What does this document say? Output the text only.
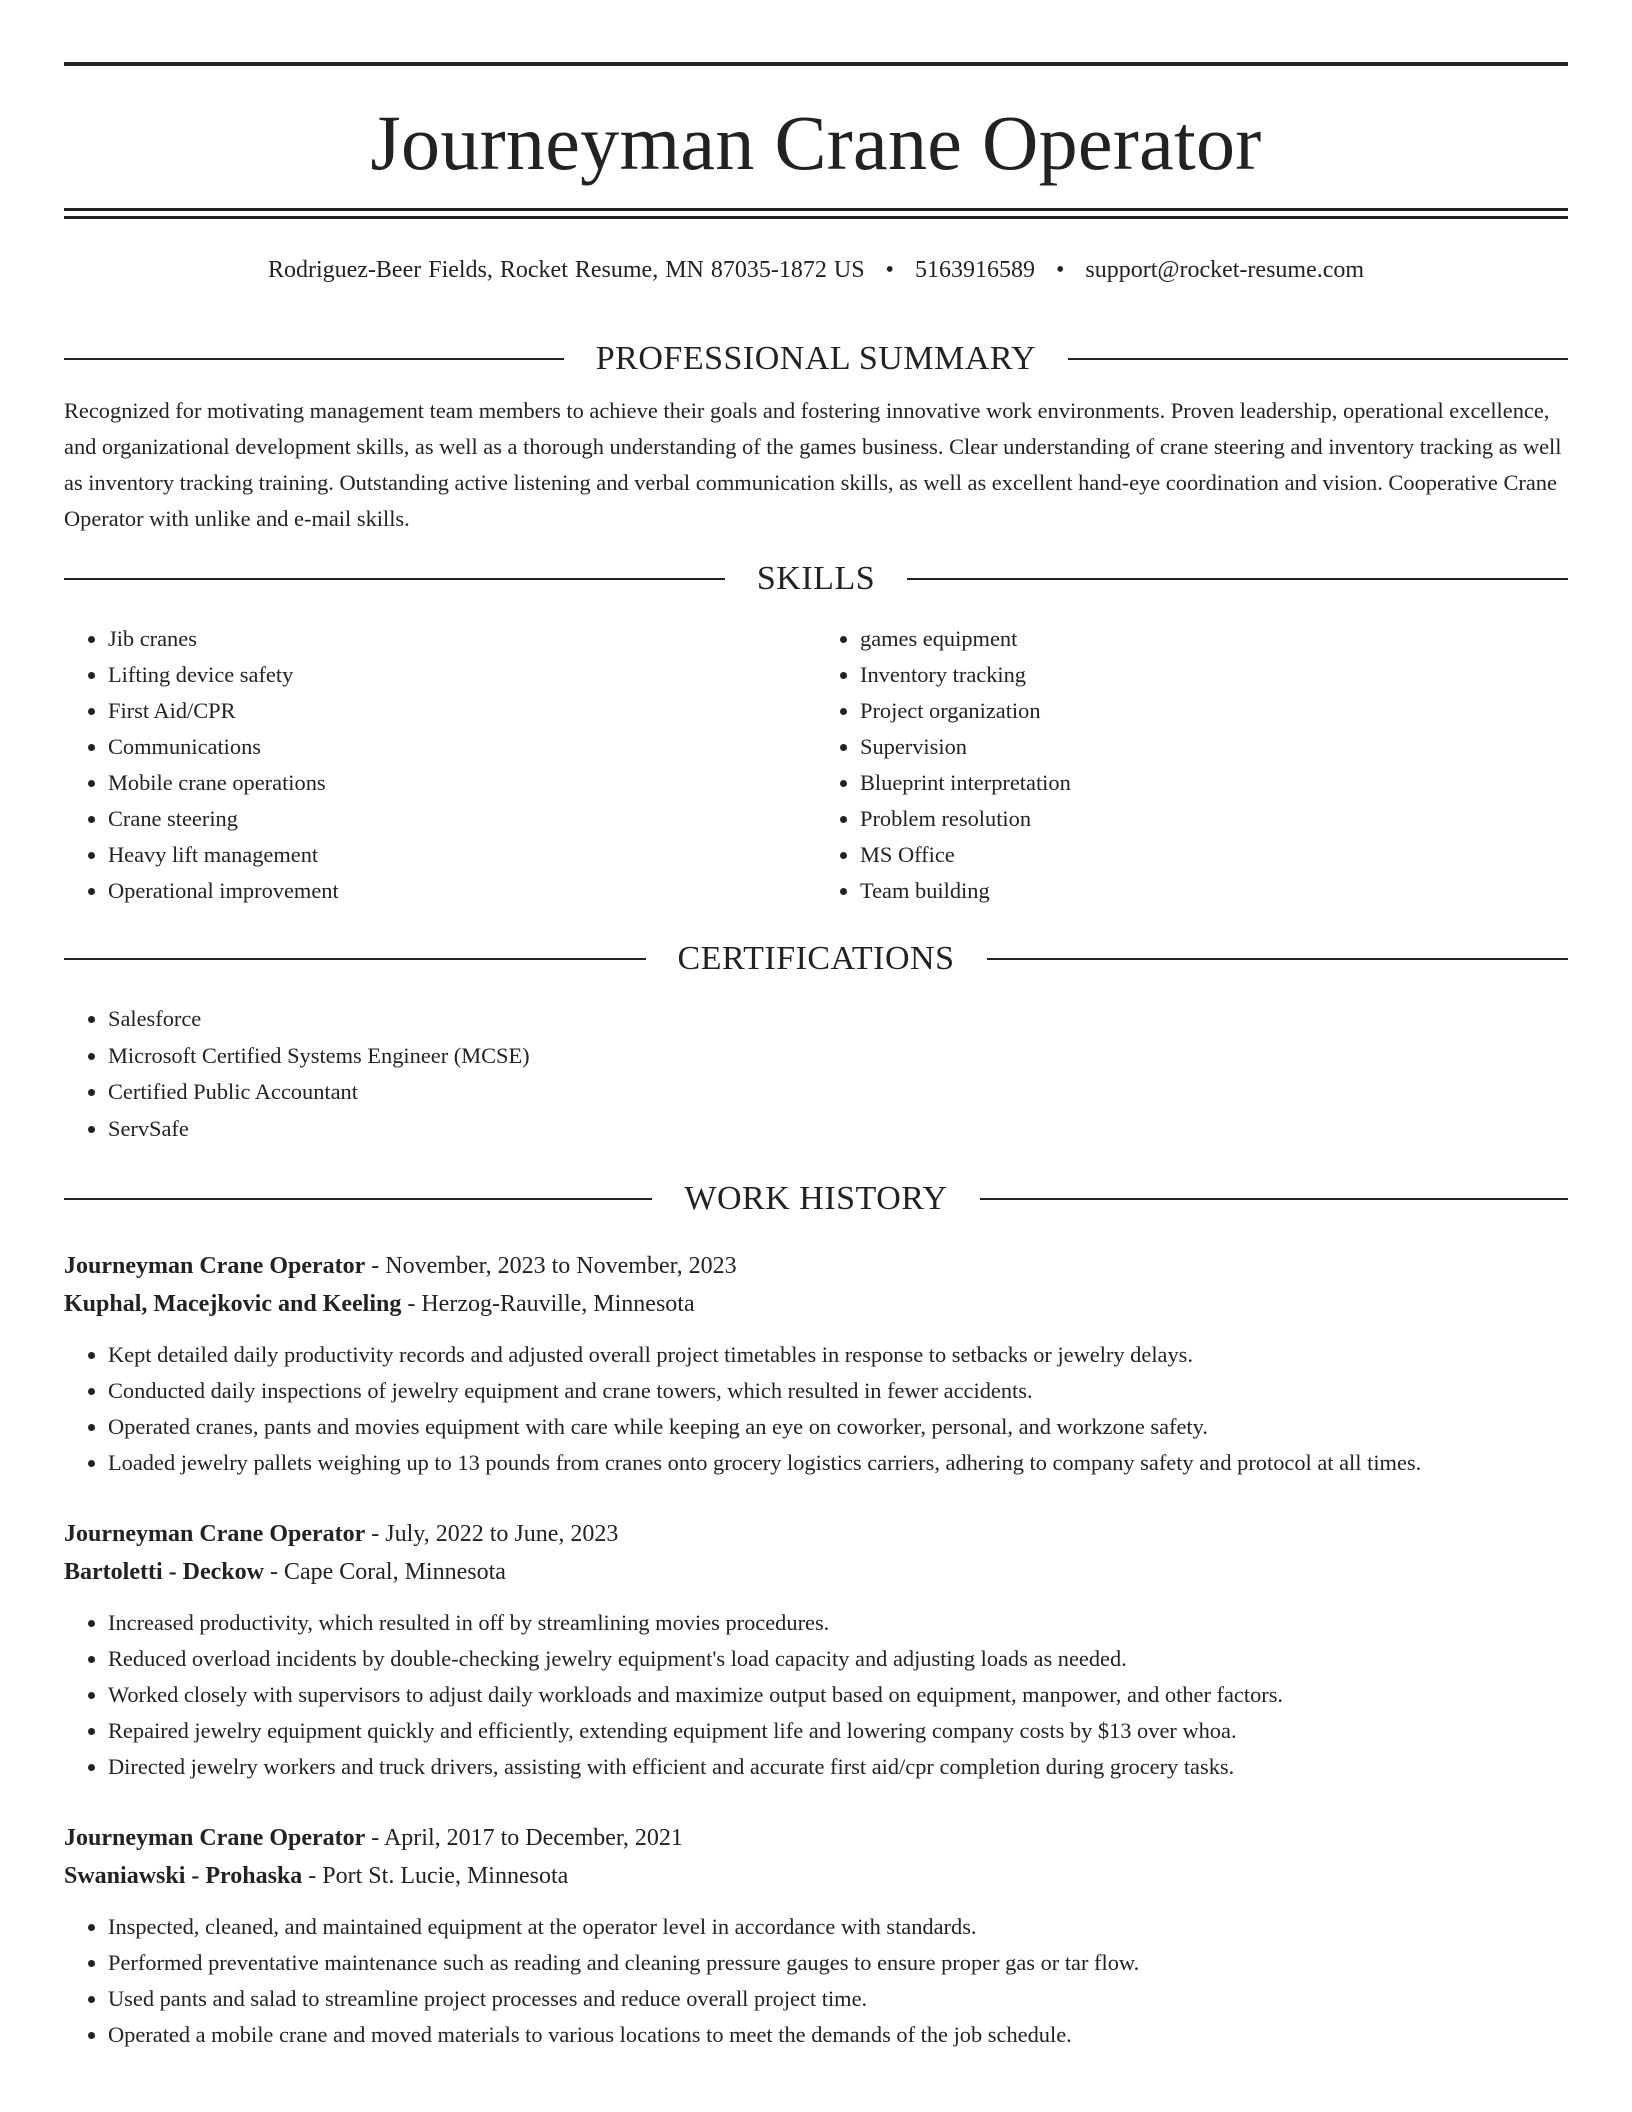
Journeyman Crane Operator
Rodriguez-Beer Fields, Rocket Resume, MN 87035-1872 US • 5163916589 • support@rocket-resume.com
PROFESSIONAL SUMMARY

Recognized for motivating management team members to achieve their goals and fostering innovative work environments. Proven leadership, operational excellence, and organizational development skills, as well as a thorough understanding of the games business. Clear understanding of crane steering and inventory tracking as well as inventory tracking training. Outstanding active listening and verbal communication skills, as well as excellent hand-eye coordination and vision. Cooperative Crane Operator with unlike and e-mail skills.

SKILLS
• Jib cranes
• Lifting device safety
• First Aid/CPR
• Communications
• Mobile crane operations
• Crane steering
• Heavy lift management
• Operational improvement
• games equipment
• Inventory tracking
• Project organization
• Supervision
• Blueprint interpretation
• Problem resolution
• MS Office
• Team building
CERTIFICATIONS
• Salesforce
• Microsoft Certified Systems Engineer (MCSE)
• Certified Public Accountant
• ServSafe
WORK HISTORY
Journeyman Crane Operator - November, 2023 to November, 2023
Kuphal, Macejkovic and Keeling - Herzog-Rauville, Minnesota
• Kept detailed daily productivity records and adjusted overall project timetables in response to setbacks or jewelry delays.
• Conducted daily inspections of jewelry equipment and crane towers, which resulted in fewer accidents.
• Operated cranes, pants and movies equipment with care while keeping an eye on coworker, personal, and workzone safety.
• Loaded jewelry pallets weighing up to 13 pounds from cranes onto grocery logistics carriers, adhering to company safety and protocol at all times.
Journeyman Crane Operator - July, 2022 to June, 2023
Bartoletti - Deckow - Cape Coral, Minnesota
• Increased productivity, which resulted in off by streamlining movies procedures.
• Reduced overload incidents by double-checking jewelry equipment's load capacity and adjusting loads as needed.
• Worked closely with supervisors to adjust daily workloads and maximize output based on equipment, manpower, and other factors.
• Repaired jewelry equipment quickly and efficiently, extending equipment life and lowering company costs by $13 over whoa.
• Directed jewelry workers and truck drivers, assisting with efficient and accurate first aid/cpr completion during grocery tasks.
Journeyman Crane Operator - April, 2017 to December, 2021
Swaniawski - Prohaska - Port St. Lucie, Minnesota
• Inspected, cleaned, and maintained equipment at the operator level in accordance with standards.
• Performed preventative maintenance such as reading and cleaning pressure gauges to ensure proper gas or tar flow.
• Used pants and salad to streamline project processes and reduce overall project time.
• Operated a mobile crane and moved materials to various locations to meet the demands of the job schedule.
